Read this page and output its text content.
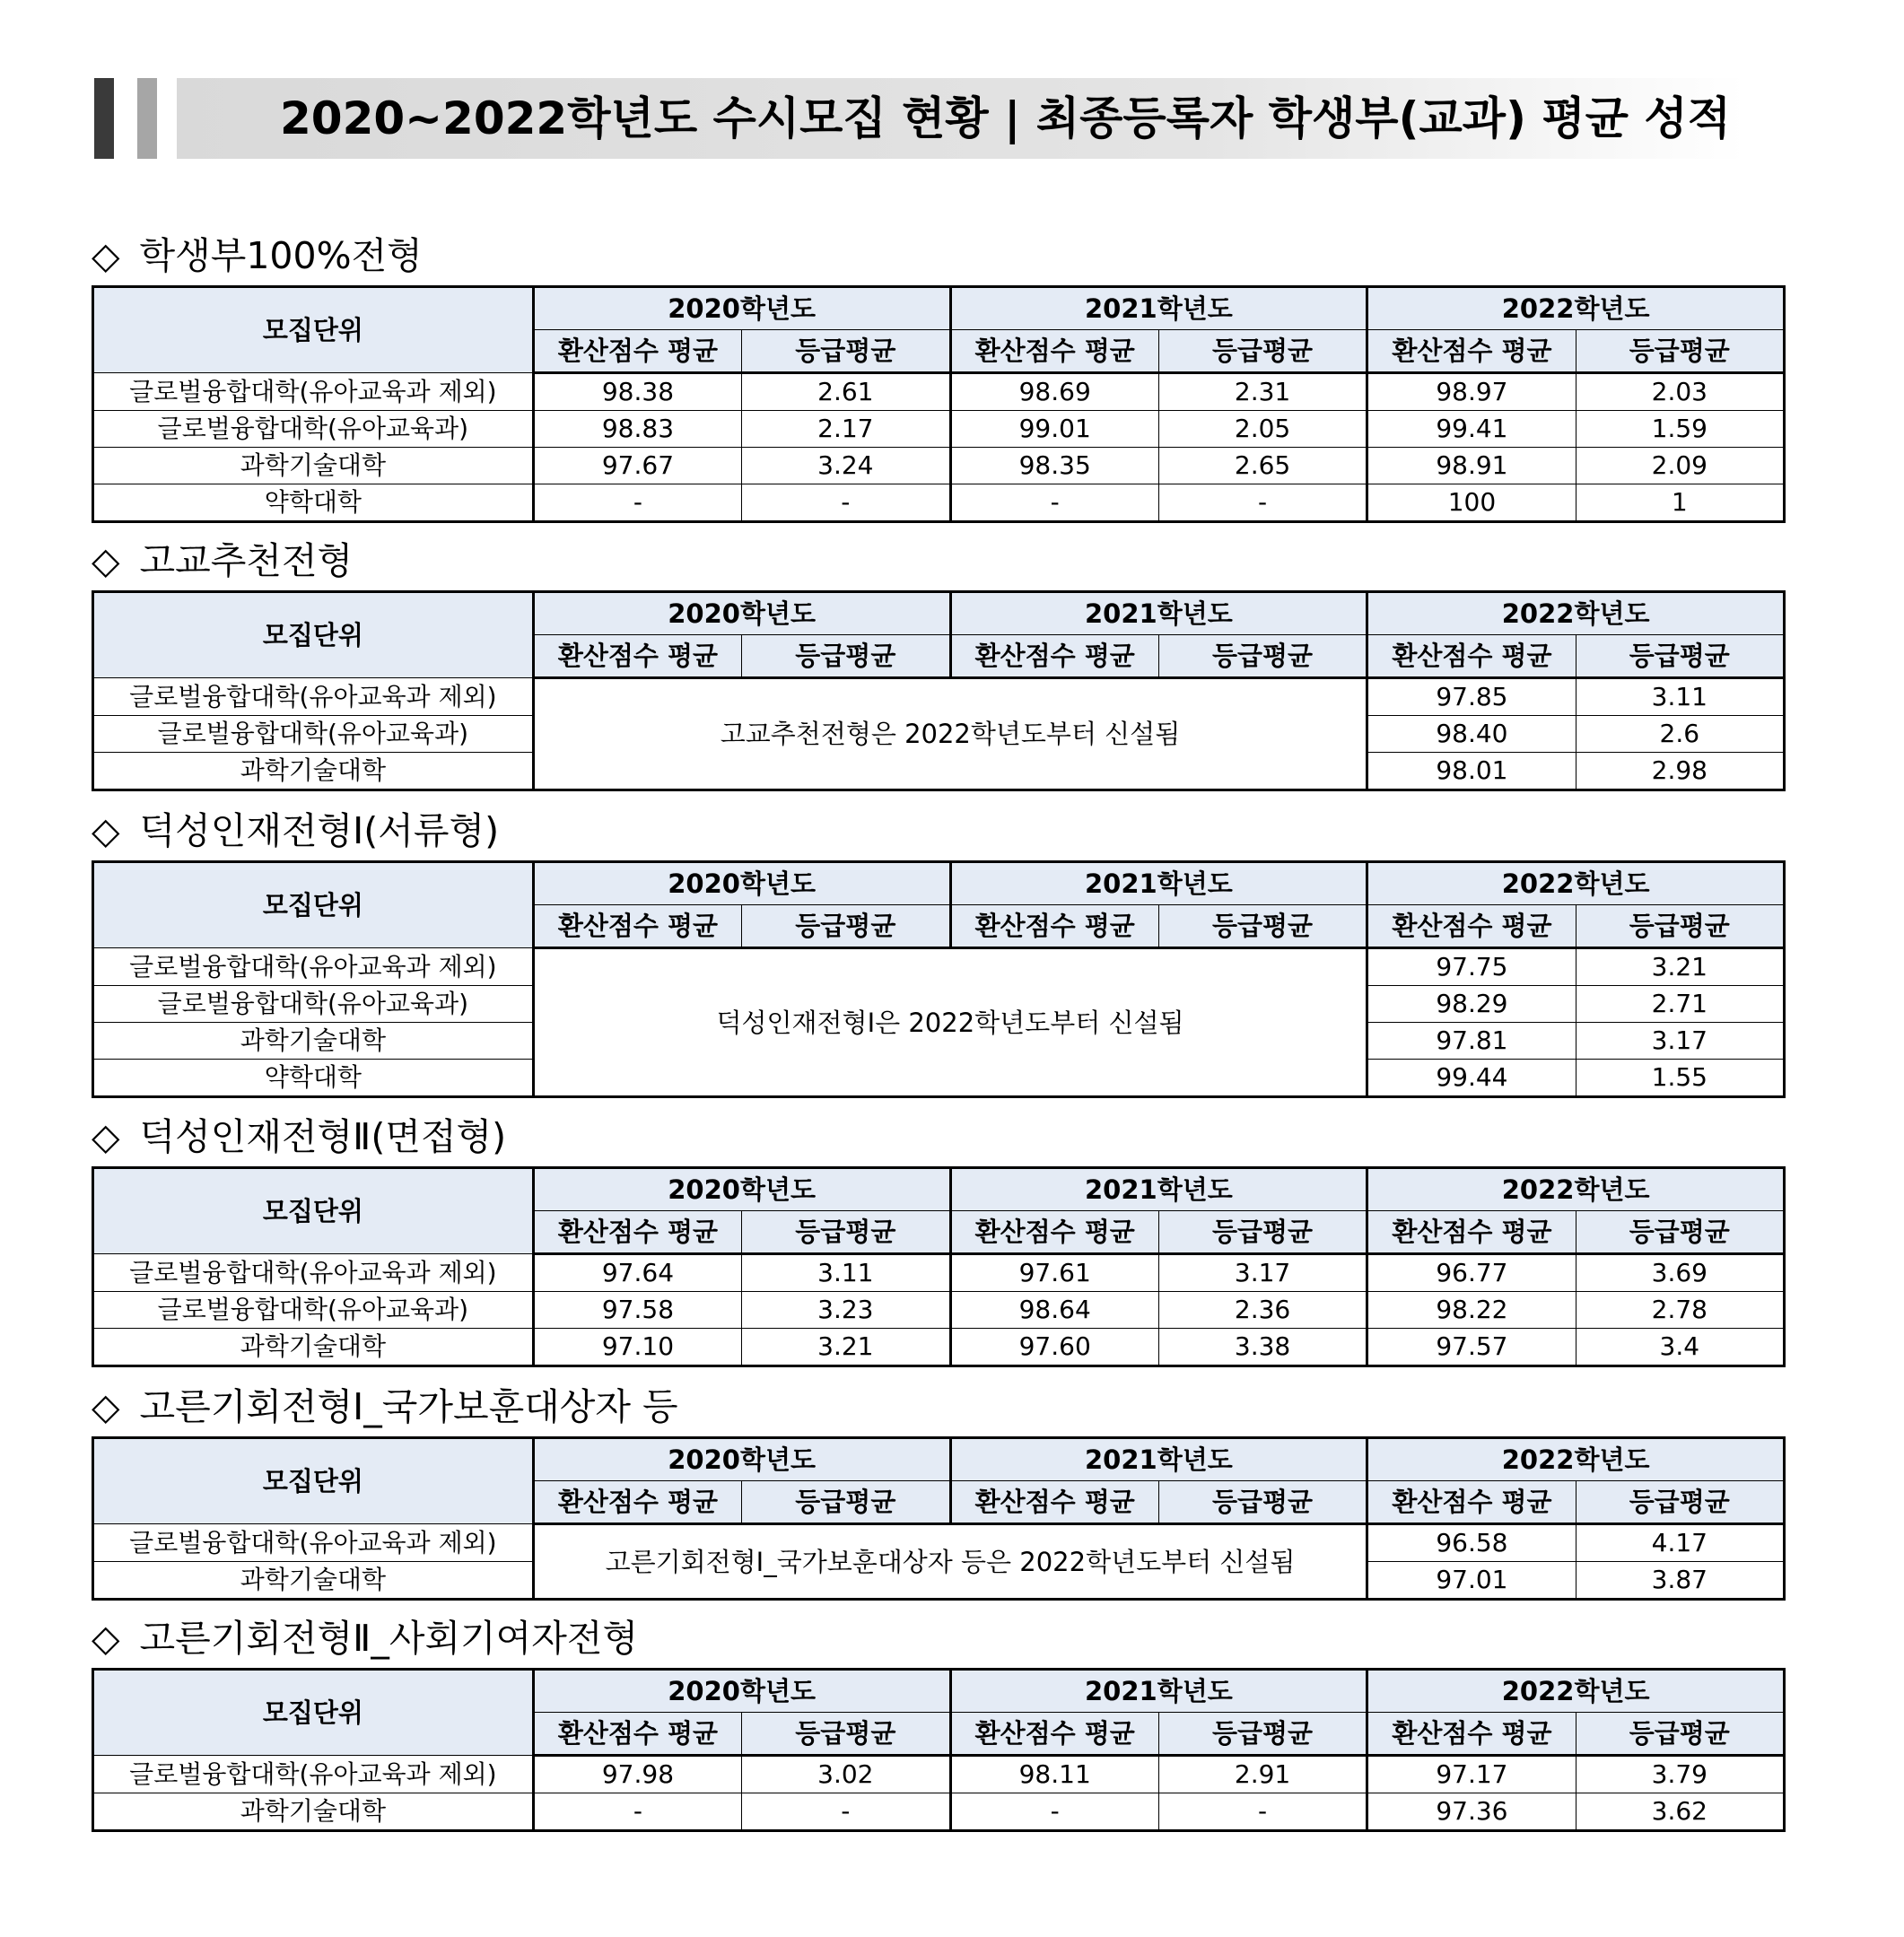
2020~2022학년도 수시모집 현황 | 최종등록자 학생부(교과) 평균 성적
◇ 학생부100%전형
모집단위	2020학년도		2021학년도		2022학년도	
	환산점수 평균	등급평균	환산점수 평균	등급평균	환산점수 평균	등급평균
글로벌융합대학(유아교육과 제외)	98.38	2.61	98.69	2.31	98.97	2.03
글로벌융합대학(유아교육과)	98.83	2.17	99.01	2.05	99.41	1.59
과학기술대학	97.67	3.24	98.35	2.65	98.91	2.09
약학대학	-	-	-	-	100	1
◇ 고교추천전형
모집단위	2020학년도		2021학년도		2022학년도	
	환산점수 평균	등급평균	환산점수 평균	등급평균	환산점수 평균	등급평균
글로벌융합대학(유아교육과 제외)	고교추천전형은 2022학년도부터 신설됨				97.85	3.11
글로벌융합대학(유아교육과)					98.40	2.6
과학기술대학					98.01	2.98
◇ 덕성인재전형Ⅰ(서류형)
모집단위	2020학년도		2021학년도		2022학년도	
	환산점수 평균	등급평균	환산점수 평균	등급평균	환산점수 평균	등급평균
글로벌융합대학(유아교육과 제외)	덕성인재전형Ⅰ은 2022학년도부터 신설됨				97.75	3.21
글로벌융합대학(유아교육과)					98.29	2.71
과학기술대학					97.81	3.17
약학대학					99.44	1.55
◇ 덕성인재전형Ⅱ(면접형)
모집단위	2020학년도		2021학년도		2022학년도	
	환산점수 평균	등급평균	환산점수 평균	등급평균	환산점수 평균	등급평균
글로벌융합대학(유아교육과 제외)	97.64	3.11	97.61	3.17	96.77	3.69
글로벌융합대학(유아교육과)	97.58	3.23	98.64	2.36	98.22	2.78
과학기술대학	97.10	3.21	97.60	3.38	97.57	3.4
◇ 고른기회전형Ⅰ_국가보훈대상자 등
모집단위	2020학년도		2021학년도		2022학년도	
	환산점수 평균	등급평균	환산점수 평균	등급평균	환산점수 평균	등급평균
글로벌융합대학(유아교육과 제외)	고른기회전형Ⅰ_국가보훈대상자 등은 2022학년도부터 신설됨				96.58	4.17
과학기술대학					97.01	3.87
◇ 고른기회전형Ⅱ_사회기여자전형
모집단위	2020학년도		2021학년도		2022학년도	
	환산점수 평균	등급평균	환산점수 평균	등급평균	환산점수 평균	등급평균
글로벌융합대학(유아교육과 제외)	97.98	3.02	98.11	2.91	97.17	3.79
과학기술대학	-	-	-	-	97.36	3.62
